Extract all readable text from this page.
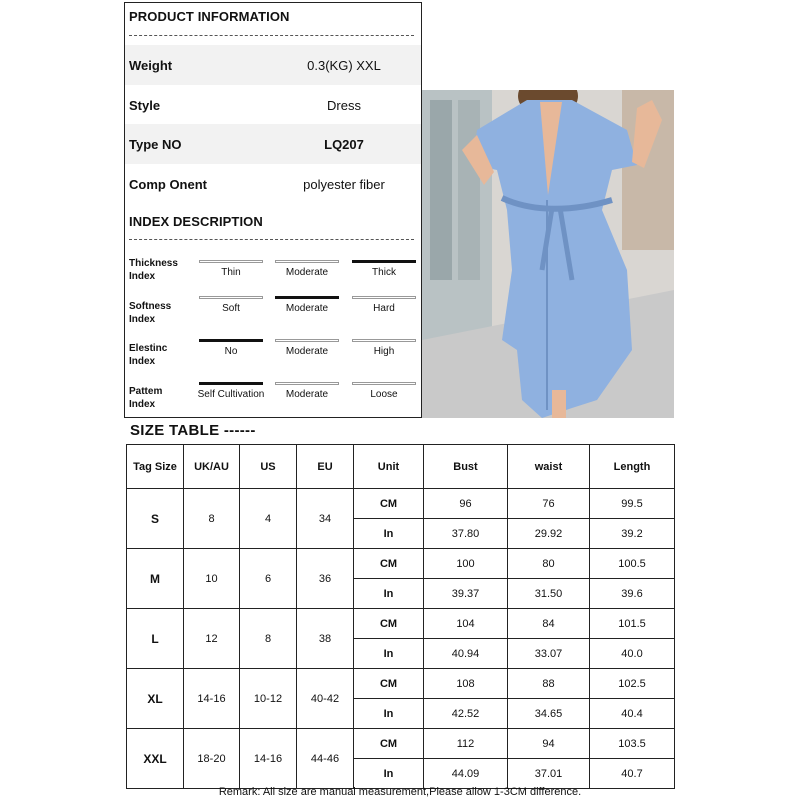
PRODUCT INFORMATION
Weight	0.3(KG) XXL
Style	Dress
Type NO	LQ207
Comp Onent	polyester fiber
INDEX DESCRIPTION
Thickness
Index	Thin	Moderate	Thick
Softness
Index
Soft	Moderate	Hard
Elestinc
Index
No	Moderate	High
Pattem
Index
Self Cultivation	Moderate	Loose
SIZE TABLE ------
Tag Size	UK/AU	US	EU	Unit	Bust	waist	Length
S	8	4	34	CM	96	76	99.5
				In	37.80	29.92	39.2
M	10	6	36	CM	100	80	100.5
				In	39.37	31.50	39.6
L	12	8	38	CM	104	84	101.5
				In	40.94	33.07	40.0
XL	14-16	10-12	40-42	CM	108	88	102.5
				In	42.52	34.65	40.4
XXL	18-20	14-16	44-46	CM	112	94	103.5
				In	44.09	37.01	40.7
Remark: All size are manual measurement,Please allow 1-3CM difference.
